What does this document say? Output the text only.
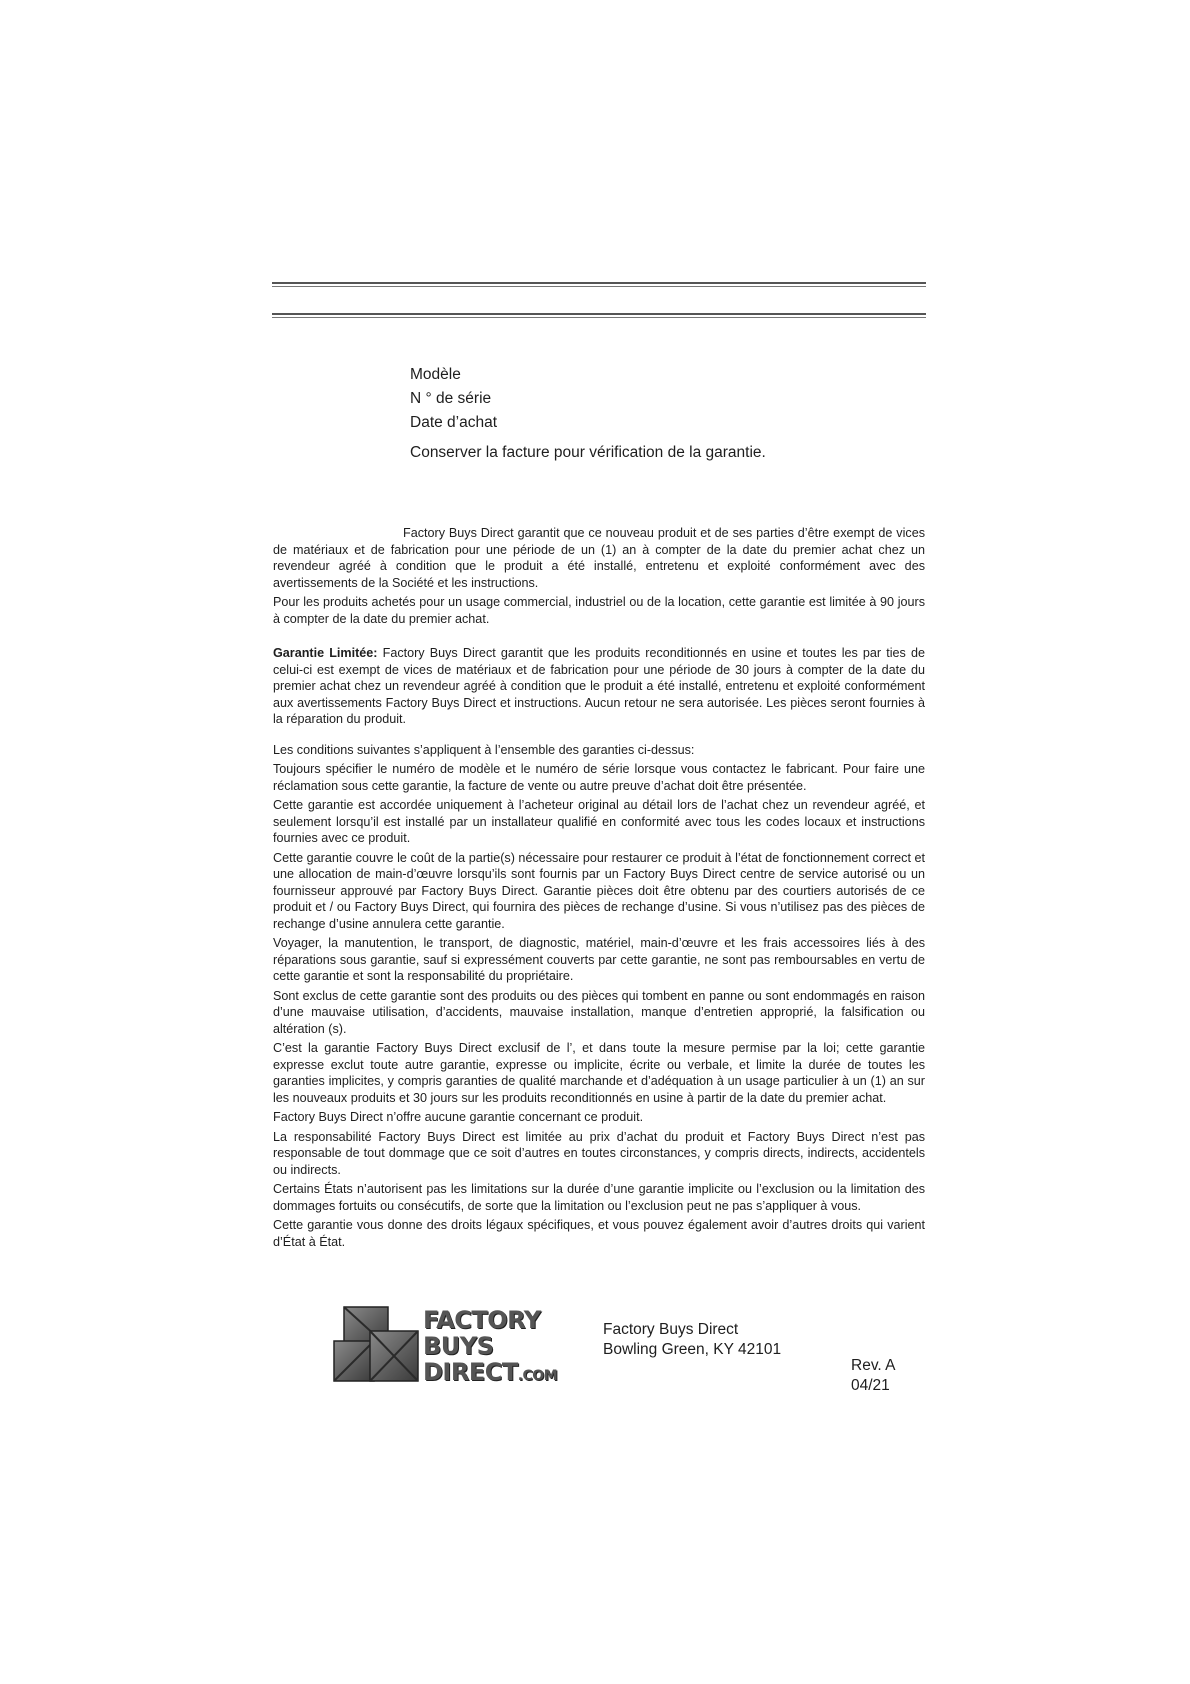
Modèle
N ° de série
Date d’achat
Conserver la facture pour vérification de la garantie.

Factory Buys Direct garantit que ce nouveau produit et de ses parties d’être exempt de vices de matériaux et de fabrication pour une période de un (1) an à compter de la date du premier achat chez un revendeur agréé à condition que le produit a été installé, entretenu et exploité conformément avec des avertissements de la Société et les instructions.

Pour les produits achetés pour un usage commercial, industriel ou de la location, cette garantie est limitée à 90 jours à compter de la date du premier achat.

Garantie Limitée: Factory Buys Direct garantit que les produits reconditionnés en usine et toutes les par ties de celui-ci est exempt de vices de matériaux et de fabrication pour une période de 30 jours à compter de la date du premier achat chez un revendeur agréé à condition que le produit a été installé, entretenu et exploité conformément aux avertissements Factory Buys Direct et instructions. Aucun retour ne sera autorisée. Les pièces seront fournies à la réparation du produit.

Les conditions suivantes s’appliquent à l’ensemble des garanties ci-dessus:

Toujours spécifier le numéro de modèle et le numéro de série lorsque vous contactez le fabricant. Pour faire une réclamation sous cette garantie, la facture de vente ou autre preuve d’achat doit être présentée.

Cette garantie est accordée uniquement à l’acheteur original au détail lors de l’achat chez un revendeur agréé, et seulement lorsqu’il est installé par un installateur qualifié en conformité avec tous les codes locaux et instructions fournies avec ce produit.

Cette garantie couvre le coût de la partie(s) nécessaire pour restaurer ce produit à l’état de fonctionnement correct et une allocation de main-d’œuvre lorsqu’ils sont fournis par un Factory Buys Direct centre de service autorisé ou un fournisseur approuvé par Factory Buys Direct. Garantie pièces doit être obtenu par des courtiers autorisés de ce produit et / ou Factory Buys Direct, qui fournira des pièces de rechange d’usine. Si vous n’utilisez pas des pièces de rechange d’usine annulera cette garantie.

Voyager, la manutention, le transport, de diagnostic, matériel, main-d’œuvre et les frais accessoires liés à des réparations sous garantie, sauf si expressément couverts par cette garantie, ne sont pas remboursables en vertu de cette garantie et sont la responsabilité du propriétaire.

Sont exclus de cette garantie sont des produits ou des pièces qui tombent en panne ou sont endommagés en raison d’une mauvaise utilisation, d’accidents, mauvaise installation, manque d’entretien approprié, la falsification ou altération (s).

C’est la garantie Factory Buys Direct exclusif de l’, et dans toute la mesure permise par la loi; cette garantie expresse exclut toute autre garantie, expresse ou implicite, écrite ou verbale, et limite la durée de toutes les garanties implicites, y compris garanties de qualité marchande et d’adéquation à un usage particulier à un (1) an sur les nouveaux produits et 30 jours sur les produits reconditionnés en usine à partir de la date du premier achat.

Factory Buys Direct n’offre aucune garantie concernant ce produit.

La responsabilité Factory Buys Direct est limitée au prix d’achat du produit et Factory Buys Direct n’est pas responsable de tout dommage que ce soit d’autres en toutes circonstances, y compris directs, indirects, accidentels ou indirects.

Certains États n’autorisent pas les limitations sur la durée d’une garantie implicite ou l’exclusion ou la limitation des dommages fortuits ou consécutifs, de sorte que la limitation ou l’exclusion peut ne pas s’appliquer à vous.

Cette garantie vous donne des droits légaux spécifiques, et vous pouvez également avoir d’autres droits qui varient d’État à État.

FACTORY
BUYS
DIRECT.COM
Factory Buys Direct
Bowling Green, KY 42101
Rev. A
04/21
